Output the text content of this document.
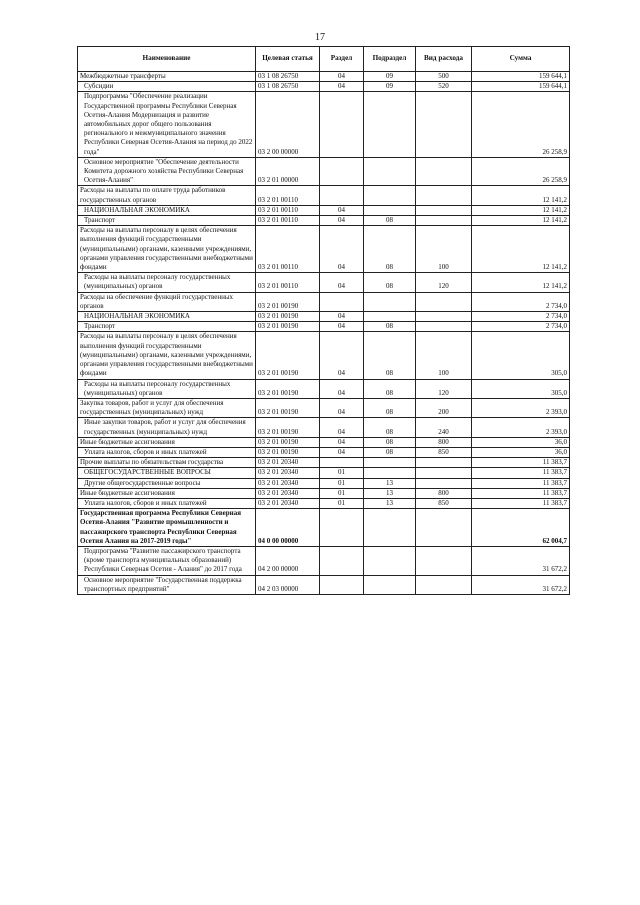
17
Наименование	Целевая статья	Раздел	Подраздел	Вид расхода	Сумма
Межбюджетные трансферты	03 1 08 26750	04	09	500	159 644,1
Субсидии	03 1 08 26750	04	09	520	159 644,1
Подпрограмма "Обеспечение реализации Государственной программы Республики Северная Осетия-Алания Модернизация и развитие автомобильных дорог общего пользования регионального и межмуниципального значения Республики Северная Осетия-Алания на период до 2022 года"	03 2 00 00000				26 258,9
Основное мероприятие "Обеспечение деятельности Комитета дорожного хозяйства Республики Северная Осетия-Алания"	03 2 01 00000				26 258,9
Расходы на выплаты по оплате труда работников государственных органов	03 2 01 00110				12 141,2
НАЦИОНАЛЬНАЯ ЭКОНОМИКА	03 2 01 00110	04			12 141,2
Транспорт	03 2 01 00110	04	08		12 141,2
Расходы на выплаты персоналу в целях обеспечения выполнения функций государственными (муниципальными) органами, казенными учреждениями, органами управления государственными внебюджетными фондами	03 2 01 00110	04	08	100	12 141,2
Расходы на выплаты персоналу государственных (муниципальных) органов	03 2 01 00110	04	08	120	12 141,2
Расходы на обеспечение функций государственных органов	03 2 01 00190				2 734,0
НАЦИОНАЛЬНАЯ ЭКОНОМИКА	03 2 01 00190	04			2 734,0
Транспорт	03 2 01 00190	04	08		2 734,0
Расходы на выплаты персоналу в целях обеспечения выполнения функций государственными (муниципальными) органами, казенными учреждениями, органами управления государственными внебюджетными фондами	03 2 01 00190	04	08	100	305,0
Расходы на выплаты персоналу государственных (муниципальных) органов	03 2 01 00190	04	08	120	305,0
Закупка товаров, работ и услуг для обеспечения государственных (муниципальных) нужд	03 2 01 00190	04	08	200	2 393,0
Иные закупки товаров, работ и услуг для обеспечения государственных (муниципальных) нужд	03 2 01 00190	04	08	240	2 393,0
Иные бюджетные ассигнования	03 2 01 00190	04	08	800	36,0
Уплата налогов, сборов и иных платежей	03 2 01 00190	04	08	850	36,0
Прочие выплаты по обязательствам государства	03 2 01 20340				11 383,7
ОБЩЕГОСУДАРСТВЕННЫЕ ВОПРОСЫ	03 2 01 20340	01			11 383,7
Другие общегосударственные вопросы	03 2 01 20340	01	13		11 383,7
Иные бюджетные ассигнования	03 2 01 20340	01	13	800	11 383,7
Уплата налогов, сборов и иных платежей	03 2 01 20340	01	13	850	11 383,7
Государственная программа Республики Северная Осетия-Алания "Развитие промышленности и пассажирского транспорта Республики Северная Осетия Алания на 2017-2019 годы"	04 0 00 00000				62 004,7
Подпрограмма "Развитие пассажирского транспорта (кроме транспорта муниципальных образований) Республики Северная Осетия - Алания" до 2017 года	04 2 00 00000				31 672,2
Основное мероприятие "Государственная поддержка транспортных предприятий"	04 2 03 00000				31 672,2
